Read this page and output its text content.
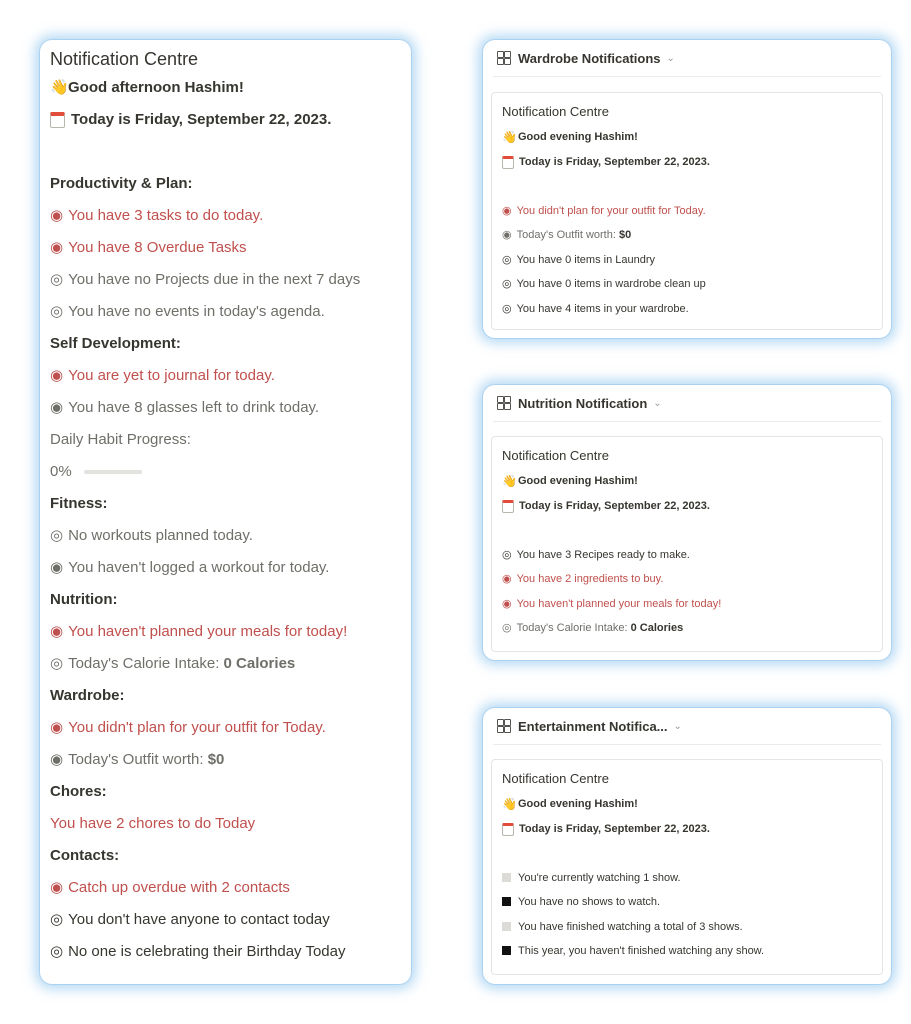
Notification Centre
👋 Good afternoon Hashim!
Today is Friday, September 22, 2023.
Productivity & Plan:
◉ You have 3 tasks to do today.
◉ You have 8 Overdue Tasks
◎ You have no Projects due in the next 7 days
◎ You have no events in today's agenda.
Self Development:
◉ You are yet to journal for today.
◉ You have 8 glasses left to drink today.
Daily Habit Progress:
0%
Fitness:
◎ No workouts planned today.
◉ You haven't logged a workout for today.
Nutrition:
◉ You haven't planned your meals for today!
◎ Today's Calorie Intake:
0 Calories
Wardrobe:
◉ You didn't plan for your outfit for Today.
◉ Today's Outfit worth:
$0
Chores:
You have 2 chores to do Today
Contacts:
◉ Catch up overdue with 2 contacts
◎ You don't have anyone to contact today
◎ No one is celebrating their Birthday Today
Wardrobe Notifications ⌄
Notification Centre
👋 Good evening Hashim!
Today is Friday, September 22, 2023.
◉ You didn't plan for your outfit for Today.
◉ Today's Outfit worth:
$0
◎ You have 0 items in Laundry
◎ You have 0 items in wardrobe clean up
◎ You have 4 items in your wardrobe.
Nutrition Notification ⌄
Notification Centre
👋 Good evening Hashim!
Today is Friday, September 22, 2023.
◎ You have 3 Recipes ready to make.
◉ You have 2 ingredients to buy.
◉ You haven't planned your meals for today!
◎ Today's Calorie Intake:
0 Calories
Entertainment Notifica... ⌄
Notification Centre
👋 Good evening Hashim!
Today is Friday, September 22, 2023.
You're currently watching 1 show.
You have no shows to watch.
You have finished watching a total of 3 shows.
This year, you haven't finished watching any show.
